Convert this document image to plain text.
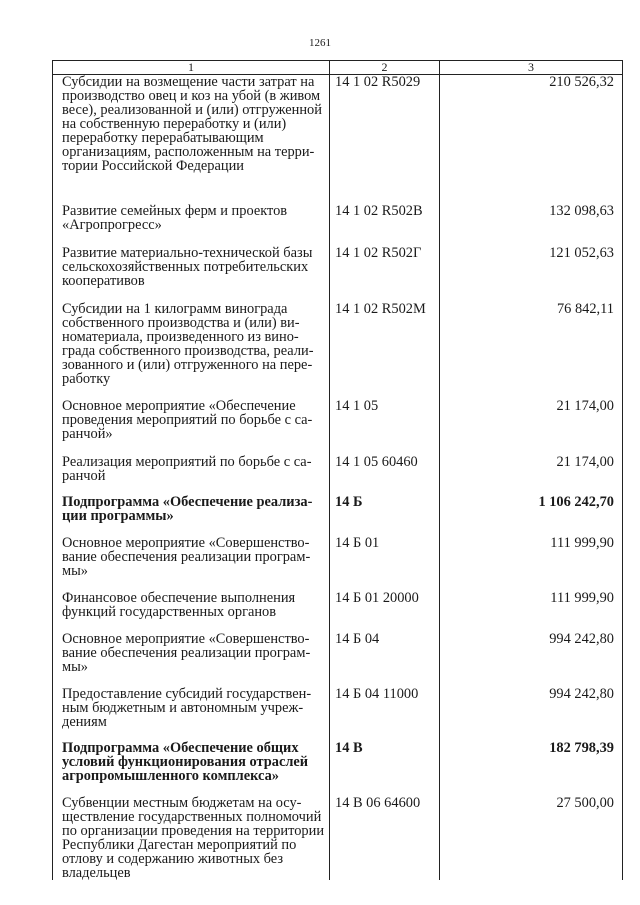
1261
1	2	3
Субсидии на возмещение части затрат на производство овец и коз на убой (в живом весе), реализованной и (или) отгруженной на собственную переработку и (или) переработку перерабатывающим организациям, расположенным на территории Российской Федерации	14 1 02 R5029	210 526,32
Развитие семейных ферм и проектов «Агропрогресс»	14 1 02 R502В	132 098,63
Развитие материально-технической базы сельскохозяйственных потребительских кооперативов	14 1 02 R502Г	121 052,63
Субсидии на 1 килограмм винограда собственного производства и (или) виноматериала, произведенного из винограда собственного производства, реализованного и (или) отгруженного на переработку	14 1 02 R502М	76 842,11
Основное мероприятие «Обеспечение проведения мероприятий по борьбе с саранчой»	14 1 05	21 174,00
Реализация мероприятий по борьбе с саранчой	14 1 05 60460	21 174,00
Подпрограмма «Обеспечение реализации программы»	14 Б	1 106 242,70
Основное мероприятие «Совершенствование обеспечения реализации программы»	14 Б 01	111 999,90
Финансовое обеспечение выполнения функций государственных органов	14 Б 01 20000	111 999,90
Основное мероприятие «Совершенствование обеспечения реализации программы»	14 Б 04	994 242,80
Предоставление субсидий государственным бюджетным и автономным учреждениям	14 Б 04 11000	994 242,80
Подпрограмма «Обеспечение общих условий функционирования отраслей агропромышленного комплекса»	14 В	182 798,39
Субвенции местным бюджетам на осуществление государственных полномочий по организации проведения на территории Республики Дагестан мероприятий по отлову и содержанию животных без владельцев	14 В 06 64600	27 500,00
